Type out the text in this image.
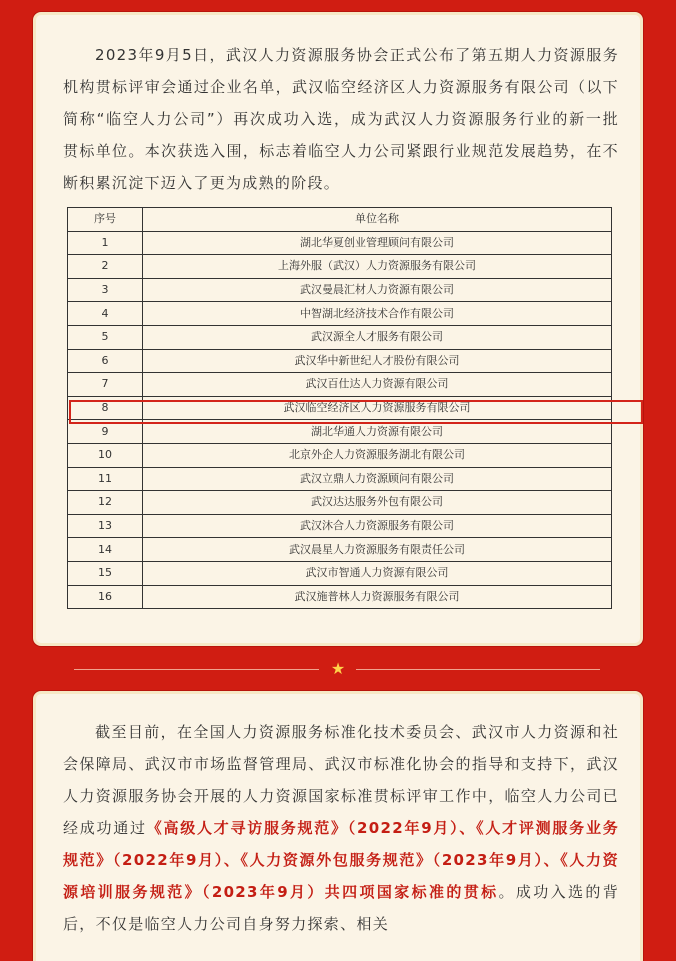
2023年9月5日，武汉人力资源服务协会正式公布了第五期人力资源服务机构贯标评审会通过企业名单，武汉临空经济区人力资源服务有限公司（以下简称“临空人力公司”）再次成功入选，成为武汉人力资源服务行业的新一批贯标单位。本次获选入围，标志着临空人力公司紧跟行业规范发展趋势，在不断积累沉淀下迈入了更为成熟的阶段。
序号	单位名称
1	湖北华夏创业管理顾问有限公司
2	上海外服（武汉）人力资源服务有限公司
3	武汉曼晨汇材人力资源有限公司
4	中智湖北经济技术合作有限公司
5	武汉源全人才服务有限公司
6	武汉华中新世纪人才股份有限公司
7	武汉百仕达人力资源有限公司
8	武汉临空经济区人力资源服务有限公司
9	湖北华通人力资源有限公司
10	北京外企人力资源服务湖北有限公司
11	武汉立鼎人力资源顾问有限公司
12	武汉达达服务外包有限公司
13	武汉沐合人力资源服务有限公司
14	武汉晨星人力资源服务有限责任公司
15	武汉市智通人力资源有限公司
16	武汉施普林人力资源服务有限公司
★
截至目前，在全国人力资源服务标准化技术委员会、武汉市人力资源和社会保障局、武汉市市场监督管理局、武汉市标准化协会的指导和支持下，武汉人力资源服务协会开展的人力资源国家标准贯标评审工作中，临空人力公司已经成功通过《高级人才寻访服务规范》（2022年9月）、《人才评测服务业务规范》（2022年9月）、《人力资源外包服务规范》（2023年9月）、《人力资源培训服务规范》（2023年9月）共四项国家标准的贯标。成功入选的背后，不仅是临空人力公司自身努力探索、相关
